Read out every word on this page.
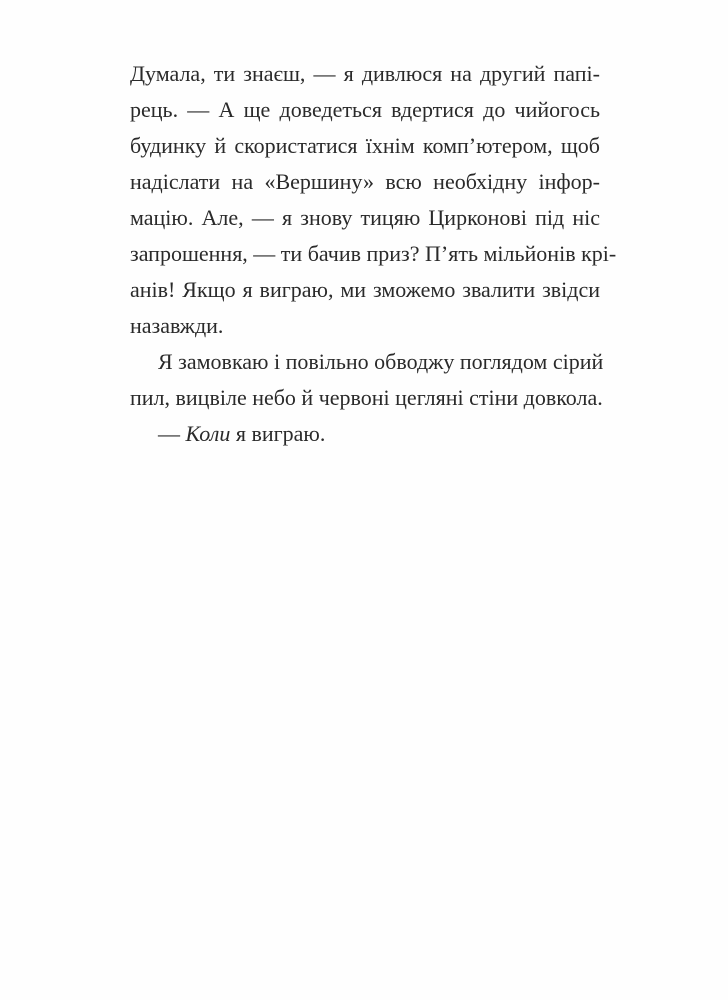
Думала, ти знаєш, — я дивлюся на другий папі-
рець. — А ще доведеться вдертися до чийогось
будинку й скористатися їхнім комп’ютером, щоб
надіслати на «Вершину» всю необхідну інфор-
мацію. Але, — я знову тицяю Цирконові під ніс
запрошення, — ти бачив приз? П’ять мільйонів крі-
анів! Якщо я виграю, ми зможемо звалити звідси
назавжди.
Я замовкаю і повільно обводжу поглядом сірий
пил, вицвіле небо й червоні цегляні стіни довкола.
— Коли я виграю.
